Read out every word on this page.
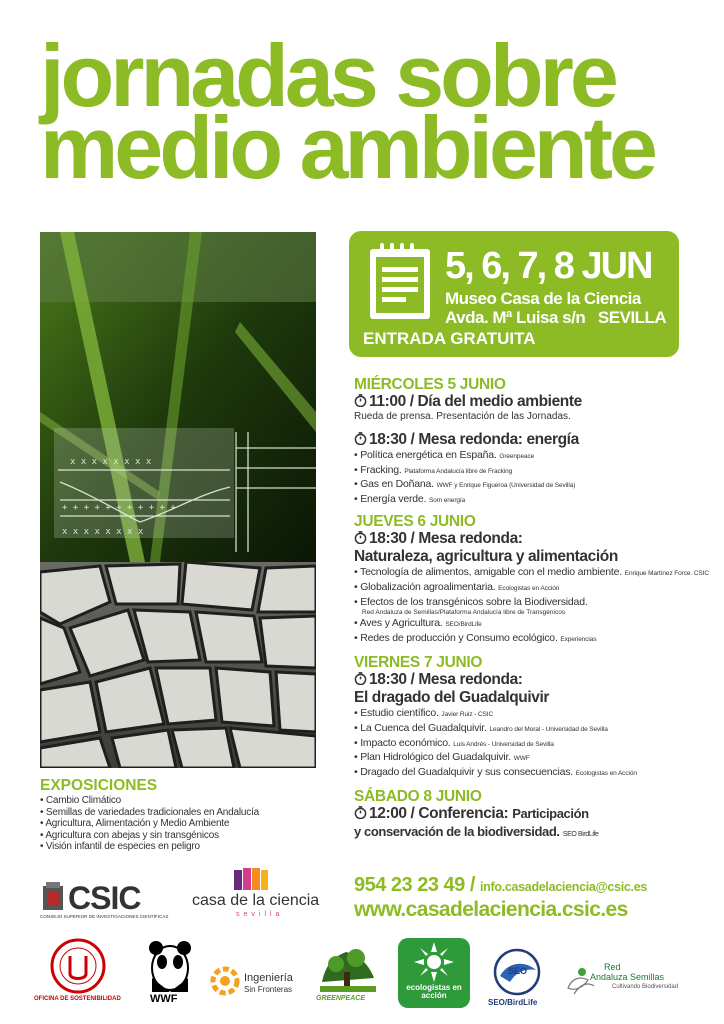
jornadas sobre
medio ambiente
x x x x x x x x
+ + + + + + + + + + +
x x x x x x x x
5, 6, 7, 8 JUN
Museo Casa de la Ciencia
Avda. Mª Luisa s/n SEVILLA
ENTRADA GRATUITA
MIÉRCOLES 5 JUNIO
11:00 / Día del medio ambiente
Rueda de prensa. Presentación de las Jornadas.
18:30 / Mesa redonda: energía
• Política energética en España. Greenpeace
• Fracking. Plataforma Andalucía libre de Fracking
• Gas en Doñana. WWF y Enrique Figueroa (Universidad de Sevilla)
• Energía verde. Som energía
JUEVES 6 JUNIO
18:30 / Mesa redonda:
Naturaleza, agricultura y alimentación
• Tecnología de alimentos, amigable con el medio ambiente. Enrique Martínez Force. CSIC
• Globalización agroalimentaria. Ecologistas en Acción
• Efectos de los transgénicos sobre la Biodiversidad.
Red Andaluza de Semillas/Plataforma Andalucía libre de Transgénicos
• Aves y Agricultura. SEO/BirdLife
• Redes de producción y Consumo ecológico. Experiencias
VIERNES 7 JUNIO
18:30 / Mesa redonda:
El dragado del Guadalquivir
• Estudio científico. Javier Ruiz - CSIC
• La Cuenca del Guadalquivir. Leandro del Moral - Universidad de Sevilla
• Impacto económico. Luis Andrés - Universidad de Sevilla
• Plan Hidrológico del Guadalquivir. WWF
• Dragado del Guadalquivir y sus consecuencias. Ecologistas en Acción
SÁBADO 8 JUNIO
12:00 / Conferencia: Participación
y conservación de la biodiversidad. SEO BirdLife
EXPOSICIONES
• Cambio Climático
• Semillas de variedades tradicionales en Andalucía
• Agricultura, Alimentación y Medio Ambiente
• Agricultura con abejas y sin transgénicos
• Visión infantil de especies en peligro
954 23 23 49 / info.casadelaciencia@csic.es
www.casadelaciencia.csic.es
CSIC
CONSEJO SUPERIOR DE INVESTIGACIONES CIENTÍFICAS
casa de la ciencia
sevilla
OFICINA DE SOSTENIBILIDAD	WWF
Ingeniería
Sin Fronteras
GREENPEACE
ecologistas en acción
SEO
SEO/BirdLife
Red
Andaluza Semillas
Cultivando Biodiversidad
